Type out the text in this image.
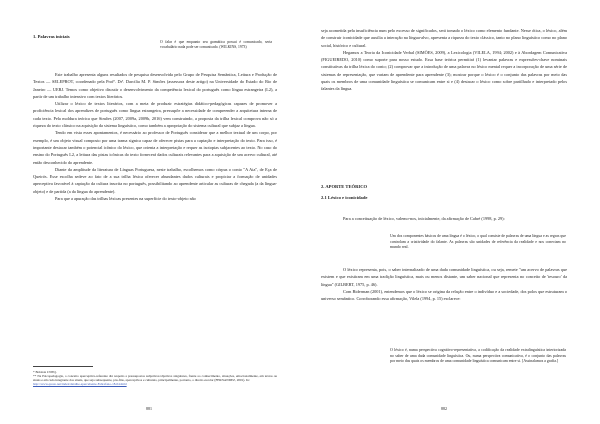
1. Palavras iniciais
O falar é que enquanto seu gramática possui é comunicado, seria vocabulário nada pode ser comunicado. (WILKINS, 1973)

Este trabalho apresenta alguns resultados de pesquisa desenvolvida pelo Grupo de Pesquisa Semântica, Leitura e Produção de Textos — SELEPROT, coordenado pela Profª. Drª. Darcilia M. P. Simões (assessora deste artigo) na Universidade do Estado do Rio de Janeiro — UERJ. Temos como objetivo discutir o desenvolvimento da competência lexical do português como língua estrangeira (L2), a partir de um trabalho intensivo com textos literários.

Utilizar o léxico de textos literários, com a meta de produzir estratégias didático-pedagógicas capazes de promover a proficiência lexical dos aprendizes de português como língua estrangeira, pressupõe a necessidade de compreender a arquitetura interna de cada texto. Pela moldura teórica que Simões (2007, 2009a, 2009b, 2016) vem construindo, a proposta da trilha lexical comprova não só a riqueza do texto clássico na aquisição da sistema linguístico, como também a apropriação do sistema cultural que subjaz a língua.

Tendo em vista esses apontamentos, é necessário ao professor de Português considerar que a melhor textual de um corpo, por exemplo, é um objeto visual composto por uma trama signica capaz de oferecer pistas para a captação e interpretação do texto. Para isso, é importante destacar também o potencial icônico do léxico, que orienta a interpretação e requer as isotopias subjacentes ao texto. No caso do ensino do Português L2, a leitura das pistas icônicas do texto fornecerá dados culturais relevantes para a aquisição de um acervo cultural, até então desconhecido do aprendente.

Diante da amplitude da literatura de Línguas Portuguesa, neste trabalho, escolhemos como córpus o conto "A Aia", de Eça de Queirós. Esse escolha sedeve ao fato de a sua trilha léxica oferecer abundantes dados culturais e propiciar a formação de unidades aperceptiva favorável à captação da cultura inscrita no português, possibilitando ao aprendente articular as culturas de chegada (a da língua-objeto) e de partida (a da língua do aprendente).

Para que a apuração das trilhas léxicas presentes na superfície do texto-objeto não

* Bolsista CNPQ.
** Na Psicopedagogia, o conceito aperceptiva-referente diz respeito a pressupostos subjetivos/objetivos singulares, frente ao conhecimento, situações, emocionalmente, em textos ou sinais e em cada integrante dos sinais, que seja subsequente, pós-fins, aperceptivos e culturais, principalmente, portanto, o direito escolar (FERNANDEZ, 2001). In:
http://www.quoto.net/index/detalhe-apercebente-Fabrafano-18-04.html
881

seja acometida pela insuficiência num pelo excesso de significados, será tomado o léxico como elemento fundante. Nesse ótica, o léxico, além de construir iconicidade que auxilia a interação na língua-alvo, apresenta a riqueza do texto clássico, tanto no plano linguístico como no plano social, histórico e cultural.

Hegamos a Teoria da Iconicidade Verbal (SIMÕES, 2009), a Lexicologia (VILELA, 1994; 2002) e à Abordagem Comunicativa (FIGUEIREDO, 2010) como suporte para nosso estudo. Essa base teórica permitirá (1) levantar palavras e expressões-chave nominais constitutivas da trilha léxica do conto; (2) comprovar que a introdução de uma palavra no léxico mental requer a incorporação de uma série de sistemas de representação, que variam de aprendente para aprendente (3); mostrar porque o léxico é o conjunto das palavras por meio das quais os membros de uma comunidade linguística se comunicam entre si e (4) destacar o léxico como sobre partilhado e interpretado pelos falantes da língua.

2. APORTE TEÓRICO
2.1 Léxico e iconicidade

Para a conceituação de léxico, valemo-nos, inicialmente, da afirmação de Cabré (1998, p. 29):

Um dos componentes básicos de uma língua é o léxico, o qual consiste de palavras de uma língua e as regras que controlam a criatividade do falante. As palavras são unidades de referência da realidade e nos conectam no mundo real.

O léxico representa, pois, o saber internalizado de uma dada comunidade linguística, ou seja, remete "um acervo de palavras que existem e que existiram em uma tradição linguística, mais ou menos distante, um saber nacional que representa no conceito de 'tesouro' da língua" (GILBERT, 1975, p. 46).

Com Biderman (2001), entendemos que o léxico se origina da relação entre o indivíduo e a sociedade, dos polos que estruturam o universo semântico. Corroborando essa afirmação, Vilela (1994, p. 15) esclarece:

O léxico é, numa perspectiva cognitivo-representativa, a codificação da realidade extralinguística interiorizada no saber de uma dada comunidade linguística. Ou, numa perspectiva comunicativa, é o conjunto das palavras por meio das quais os membros de uma comunidade linguística comunicam entre si. [Assinalamos a grafia.]
882
